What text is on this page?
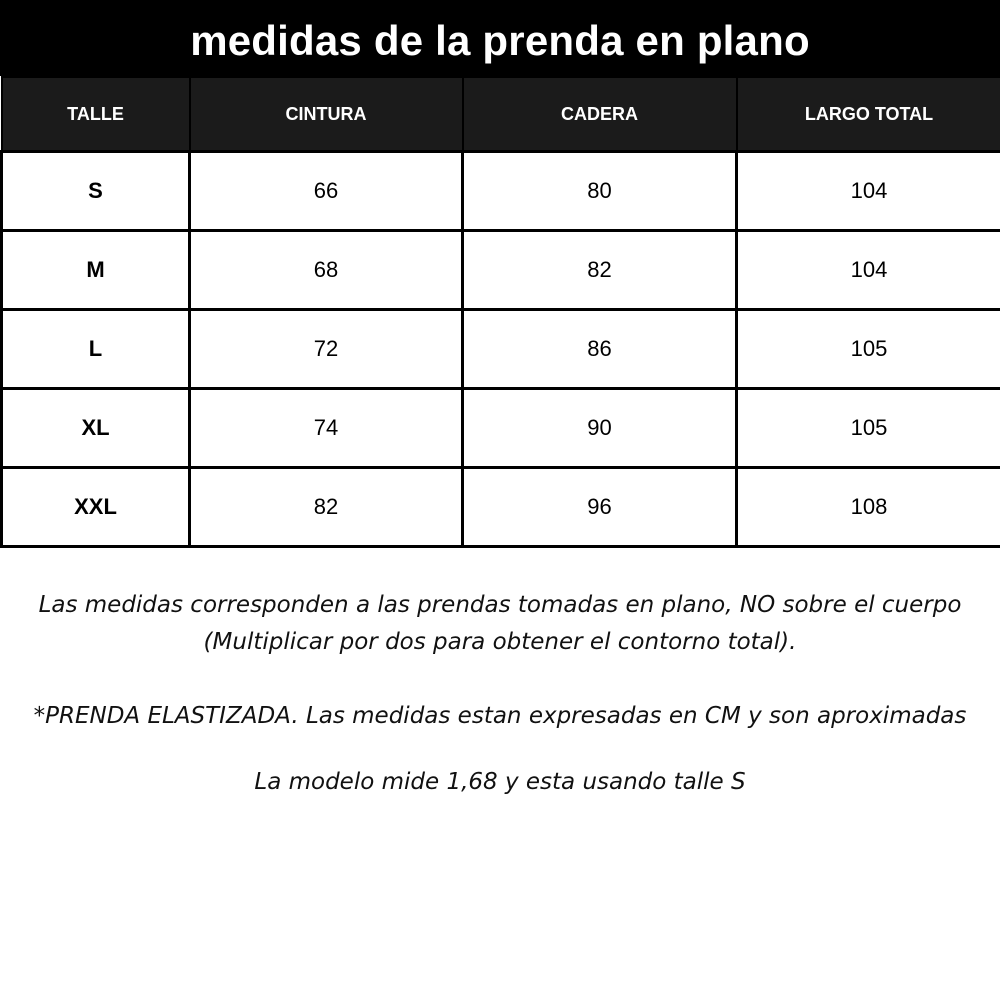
medidas de la prenda en plano
TALLE	CINTURA	CADERA	LARGO TOTAL
S	66	80	104
M	68	82	104
L	72	86	105
XL	74	90	105
XXL	82	96	108
Las medidas corresponden a las prendas tomadas en plano, NO sobre el cuerpo
(Multiplicar por dos para obtener el contorno total).
*PRENDA ELASTIZADA. Las medidas estan expresadas en CM y son aproximadas
La modelo mide 1,68 y esta usando talle S
